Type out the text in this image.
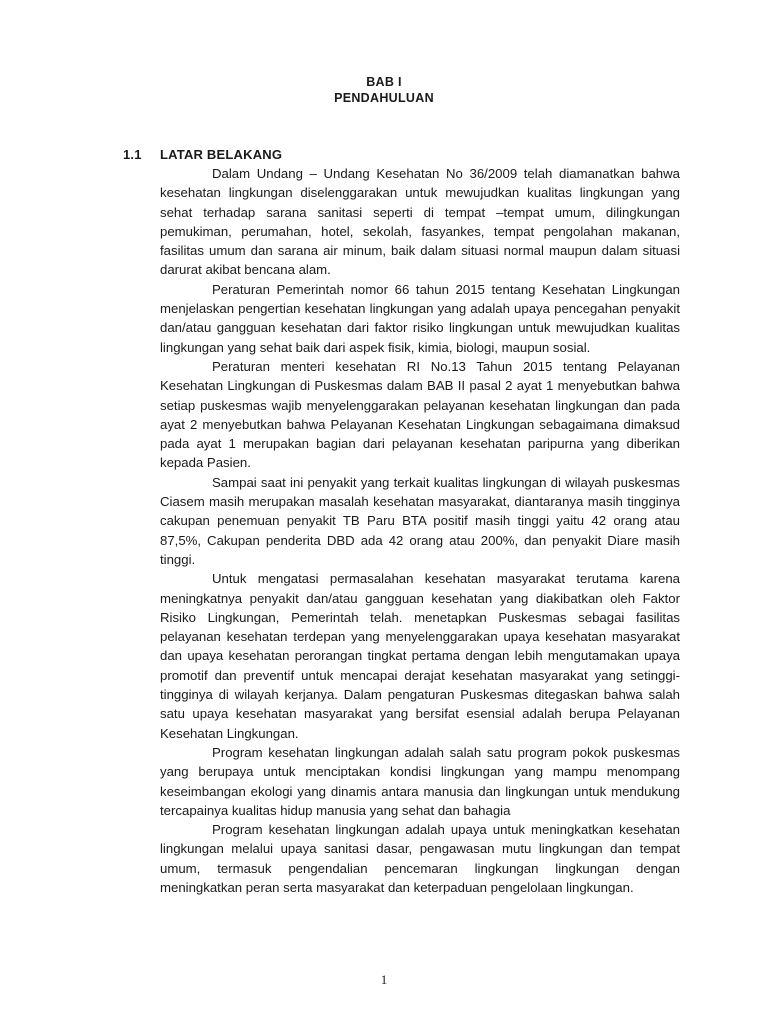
BAB I
PENDAHULUAN
1.1 LATAR BELAKANG

Dalam Undang – Undang Kesehatan No 36/2009 telah diamanatkan bahwa kesehatan lingkungan diselenggarakan untuk mewujudkan kualitas lingkungan yang sehat terhadap sarana sanitasi seperti di tempat –tempat umum, dilingkungan pemukiman, perumahan, hotel, sekolah, fasyankes, tempat pengolahan makanan, fasilitas umum dan sarana air minum, baik dalam situasi normal maupun dalam situasi darurat akibat bencana alam.

Peraturan Pemerintah nomor 66 tahun 2015 tentang Kesehatan Lingkungan menjelaskan pengertian kesehatan lingkungan yang adalah upaya pencegahan penyakit dan/atau gangguan kesehatan dari faktor risiko lingkungan untuk mewujudkan kualitas lingkungan yang sehat baik dari aspek fisik, kimia, biologi, maupun sosial.

Peraturan menteri kesehatan RI No.13 Tahun 2015 tentang Pelayanan Kesehatan Lingkungan di Puskesmas dalam BAB II pasal 2 ayat 1 menyebutkan bahwa setiap puskesmas wajib menyelenggarakan pelayanan kesehatan lingkungan dan pada ayat 2 menyebutkan bahwa Pelayanan Kesehatan Lingkungan sebagaimana dimaksud pada ayat 1 merupakan bagian dari pelayanan kesehatan paripurna yang diberikan kepada Pasien.

Sampai saat ini penyakit yang terkait kualitas lingkungan di wilayah puskesmas Ciasem masih merupakan masalah kesehatan masyarakat, diantaranya masih tingginya cakupan penemuan penyakit TB Paru BTA positif masih tinggi yaitu 42 orang atau 87,5%, Cakupan penderita DBD ada 42 orang atau 200%, dan penyakit Diare masih tinggi.

Untuk mengatasi permasalahan kesehatan masyarakat terutama karena meningkatnya penyakit dan/atau gangguan kesehatan yang diakibatkan oleh Faktor Risiko Lingkungan, Pemerintah telah. menetapkan Puskesmas sebagai fasilitas pelayanan kesehatan terdepan yang menyelenggarakan upaya kesehatan masyarakat dan upaya kesehatan perorangan tingkat pertama dengan lebih mengutamakan upaya promotif dan preventif untuk mencapai derajat kesehatan masyarakat yang setinggi-tingginya di wilayah kerjanya. Dalam pengaturan Puskesmas ditegaskan bahwa salah satu upaya kesehatan masyarakat yang bersifat esensial adalah berupa Pelayanan Kesehatan Lingkungan.

Program kesehatan lingkungan adalah salah satu program pokok puskesmas yang berupaya untuk menciptakan kondisi lingkungan yang mampu menompang keseimbangan ekologi yang dinamis antara manusia dan lingkungan untuk mendukung tercapainya kualitas hidup manusia yang sehat dan bahagia

Program kesehatan lingkungan adalah upaya untuk meningkatkan kesehatan lingkungan melalui upaya sanitasi dasar, pengawasan mutu lingkungan dan tempat umum, termasuk pengendalian pencemaran lingkungan lingkungan dengan meningkatkan peran serta masyarakat dan keterpaduan pengelolaan lingkungan.

1
